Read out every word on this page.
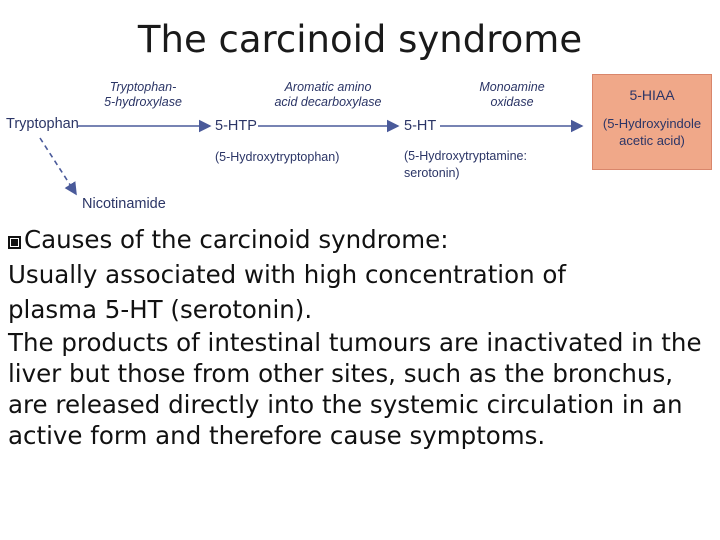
The carcinoid syndrome
Tryptophan
Tryptophan-
5-hydroxylase
5-HTP
(5-Hydroxytryptophan)
Aromatic amino
acid decarboxylase
5-HT
(5-Hydroxytryptamine:
serotonin)
Monoamine
oxidase	5-HIAA
(5-Hydroxyindole
acetic acid)
Nicotinamide

Causes of the carcinoid syndrome:

Usually associated with high concentration of

plasma 5-HT (serotonin).

The products of intestinal tumours are inactivated in the liver but those from other sites, such as the bronchus, are released directly into the systemic circulation in an active form and therefore cause symptoms.
